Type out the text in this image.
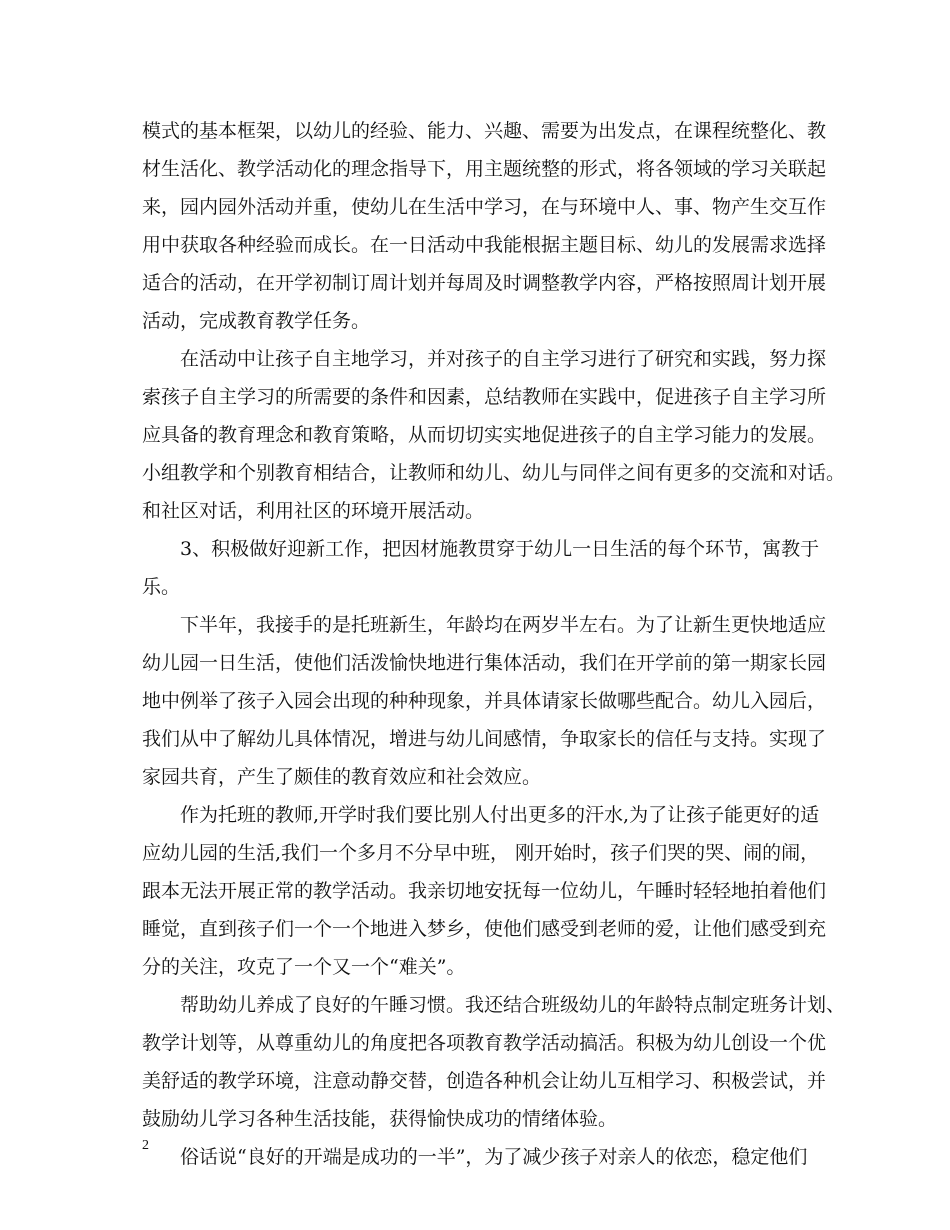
模式的基本框架，以幼儿的经验、能力、兴趣、需要为出发点，在课程统整化、教
材生活化、教学活动化的理念指导下，用主题统整的形式，将各领域的学习关联起
来，园内园外活动并重，使幼儿在生活中学习，在与环境中人、事、物产生交互作
用中获取各种经验而成长。在一日活动中我能根据主题目标、幼儿的发展需求选择
适合的活动，在开学初制订周计划并每周及时调整教学内容，严格按照周计划开展
活动，完成教育教学任务。
在活动中让孩子自主地学习，并对孩子的自主学习进行了研究和实践，努力探
索孩子自主学习的所需要的条件和因素，总结教师在实践中，促进孩子自主学习所
应具备的教育理念和教育策略，从而切切实实地促进孩子的自主学习能力的发展。
小组教学和个别教育相结合，让教师和幼儿、幼儿与同伴之间有更多的交流和对话。
和社区对话，利用社区的环境开展活动。
3、积极做好迎新工作，把因材施教贯穿于幼儿一日生活的每个环节，寓教于
乐。
下半年，我接手的是托班新生，年龄均在两岁半左右。为了让新生更快地适应
幼儿园一日生活，使他们活泼愉快地进行集体活动，我们在开学前的第一期家长园
地中例举了孩子入园会出现的种种现象，并具体请家长做哪些配合。幼儿入园后，
我们从中了解幼儿具体情况，增进与幼儿间感情，争取家长的信任与支持。实现了
家园共育，产生了颇佳的教育效应和社会效应。
作为托班的教师,开学时我们要比别人付出更多的汗水,为了让孩子能更好的适
应幼儿园的生活,我们一个多月不分早中班， 刚开始时，孩子们哭的哭、闹的闹，
跟本无法开展正常的教学活动。我亲切地安抚每一位幼儿，午睡时轻轻地拍着他们
睡觉，直到孩子们一个一个地进入梦乡，使他们感受到老师的爱，让他们感受到充
分的关注，攻克了一个又一个“难关”。
帮助幼儿养成了良好的午睡习惯。我还结合班级幼儿的年龄特点制定班务计划、
教学计划等，从尊重幼儿的角度把各项教育教学活动搞活。积极为幼儿创设一个优
美舒适的教学环境，注意动静交替，创造各种机会让幼儿互相学习、积极尝试，并
鼓励幼儿学习各种生活技能，获得愉快成功的情绪体验。
俗话说“良好的开端是成功的一半”，为了减少孩子对亲人的依恋，稳定他们
2
